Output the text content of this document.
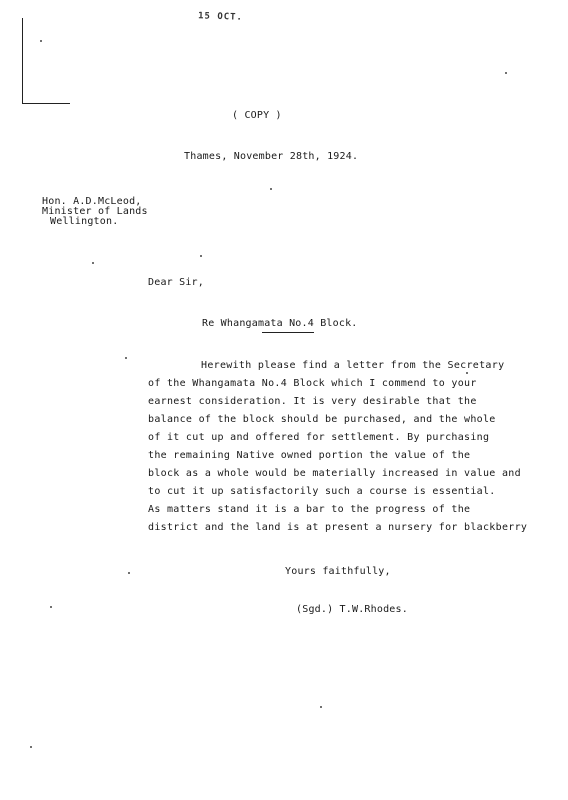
15 ОСТ.
( COPY )
Thames, November 28th, 1924.
Hon. A.D.McLeod,
Minister of Lands
Wellington.
Dear Sir,
Re Whangamata No.4 Block.
Herewith please find a letter from the Secretary
of the Whangamata No.4 Block which I commend to your
earnest consideration. It is very desirable that the
balance of the block should be purchased, and the whole
of it cut up and offered for settlement. By purchasing
the remaining Native owned portion the value of the
block as a whole would be materially increased in value and
to cut it up satisfactorily such a course is essential.
As matters stand it is a bar to the progress of the
district and the land is at present a nursery for blackberry
Yours faithfully,
(Sgd.) T.W.Rhodes.
